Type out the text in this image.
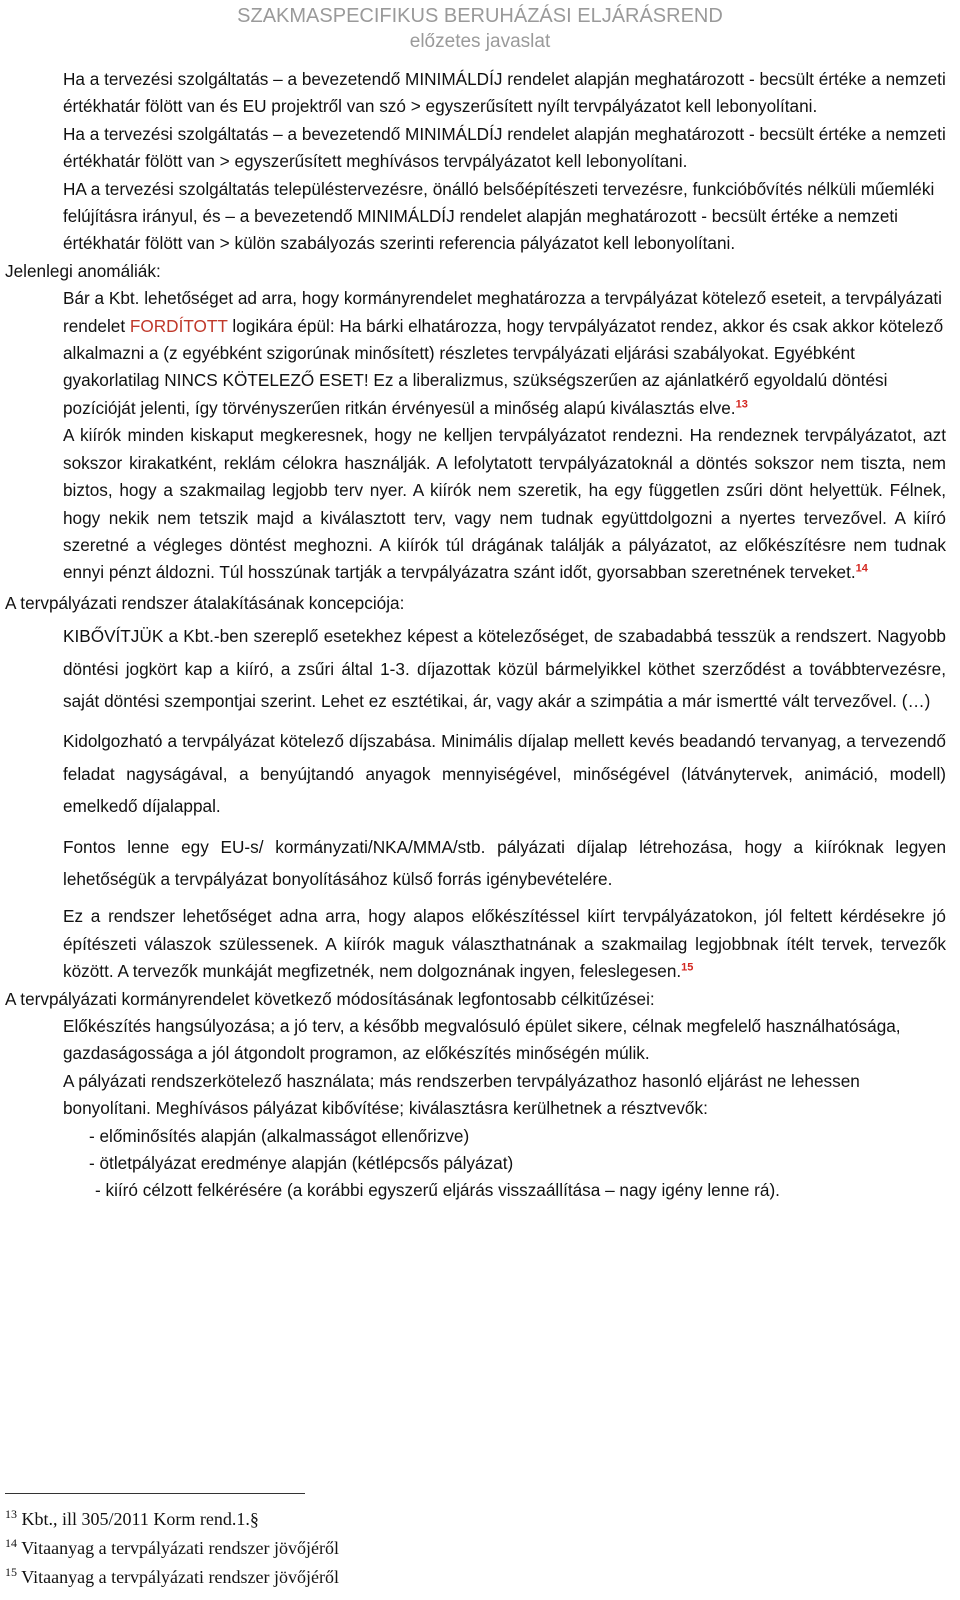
SZAKMASPECIFIKUS BERUHÁZÁSI ELJÁRÁSREND
előzetes javaslat

Ha a tervezési szolgáltatás – a bevezetendő MINIMÁLDÍJ rendelet alapján meghatározott - becsült értéke a nemzeti értékhatár fölött van és EU projektről van szó > egyszerűsített nyílt tervpályázatot kell lebonyolítani.

Ha a tervezési szolgáltatás – a bevezetendő MINIMÁLDÍJ rendelet alapján meghatározott - becsült értéke a nemzeti értékhatár fölött van > egyszerűsített meghívásos tervpályázatot kell lebonyolítani.

HA a tervezési szolgáltatás településtervezésre, önálló belsőépítészeti tervezésre, funkcióbővítés nélküli műemléki felújításra irányul, és – a bevezetendő MINIMÁLDÍJ rendelet alapján meghatározott - becsült értéke a nemzeti értékhatár fölött van > külön szabályozás szerinti referencia pályázatot kell lebonyolítani.

Jelenlegi anomáliák:

Bár a Kbt. lehetőséget ad arra, hogy kormányrendelet meghatározza a tervpályázat kötelező eseteit, a tervpályázati rendelet FORDÍTOTT logikára épül: Ha bárki elhatározza, hogy tervpályázatot rendez, akkor és csak akkor kötelező alkalmazni a (z egyébként szigorúnak minősített) részletes tervpályázati eljárási szabályokat. Egyébként gyakorlatilag NINCS KÖTELEZŐ ESET! Ez a liberalizmus, szükségszerűen az ajánlatkérő egyoldalú döntési pozícióját jelenti, így törvényszerűen ritkán érvényesül a minőség alapú kiválasztás elve.$^{13}$

A kiírók minden kiskaput megkeresnek, hogy ne kelljen tervpályázatot rendezni. Ha rendeznek tervpályázatot, azt sokszor kirakatként, reklám célokra használják. A lefolytatott tervpályázatoknál a döntés sokszor nem tiszta, nem biztos, hogy a szakmailag legjobb terv nyer. A kiírók nem szeretik, ha egy független zsűri dönt helyettük. Félnek, hogy nekik nem tetszik majd a kiválasztott terv, vagy nem tudnak együttdolgozni a nyertes tervezővel. A kiíró szeretné a végleges döntést meghozni. A kiírók túl drágának találják a pályázatot, az előkészítésre nem tudnak ennyi pénzt áldozni. Túl hosszúnak tartják a tervpályázatra szánt időt, gyorsabban szeretnének terveket.$^{14}$

A tervpályázati rendszer átalakításának koncepciója:

KIBŐVÍTJÜK a Kbt.-ben szereplő esetekhez képest a kötelezőséget, de szabadabbá tesszük a rendszert. Nagyobb döntési jogkört kap a kiíró, a zsűri által 1-3. díjazottak közül bármelyikkel köthet szerződést a továbbtervezésre, saját döntési szempontjai szerint. Lehet ez esztétikai, ár, vagy akár a szimpátia a már ismertté vált tervezővel. (…)

Kidolgozható a tervpályázat kötelező díjszabása. Minimális díjalap mellett kevés beadandó tervanyag, a tervezendő feladat nagyságával, a benyújtandó anyagok mennyiségével, minőségével (látványtervek, animáció, modell) emelkedő díjalappal.

Fontos lenne egy EU-s/ kormányzati/NKA/MMA/stb. pályázati díjalap létrehozása, hogy a kiíróknak legyen lehetőségük a tervpályázat bonyolításához külső forrás igénybevételére.

Ez a rendszer lehetőséget adna arra, hogy alapos előkészítéssel kiírt tervpályázatokon, jól feltett kérdésekre jó építészeti válaszok szülessenek. A kiírók maguk választhatnának a szakmailag legjobbnak ítélt tervek, tervezők között. A tervezők munkáját megfizetnék, nem dolgoznának ingyen, feleslegesen.$^{15}$

A tervpályázati kormányrendelet következő módosításának legfontosabb célkitűzései:

Előkészítés hangsúlyozása; a jó terv, a később megvalósuló épület sikere, célnak megfelelő használhatósága, gazdaságossága a jól átgondolt programon, az előkészítés minőségén múlik.

A pályázati rendszerkötelező használata; más rendszerben tervpályázathoz hasonló eljárást ne lehessen bonyolítani. Meghívásos pályázat kibővítése; kiválasztásra kerülhetnek a résztvevők:

- előminősítés alapján (alkalmasságot ellenőrizve)

- ötletpályázat eredménye alapján (kétlépcsős pályázat)

- kiíró célzott felkérésére (a korábbi egyszerű eljárás visszaállítása – nagy igény lenne rá).

$^{13}$ Kbt., ill 305/2011 Korm rend.1.§
$^{14}$ Vitaanyag a tervpályázati rendszer jövőjéről
$^{15}$ Vitaanyag a tervpályázati rendszer jövőjéről
